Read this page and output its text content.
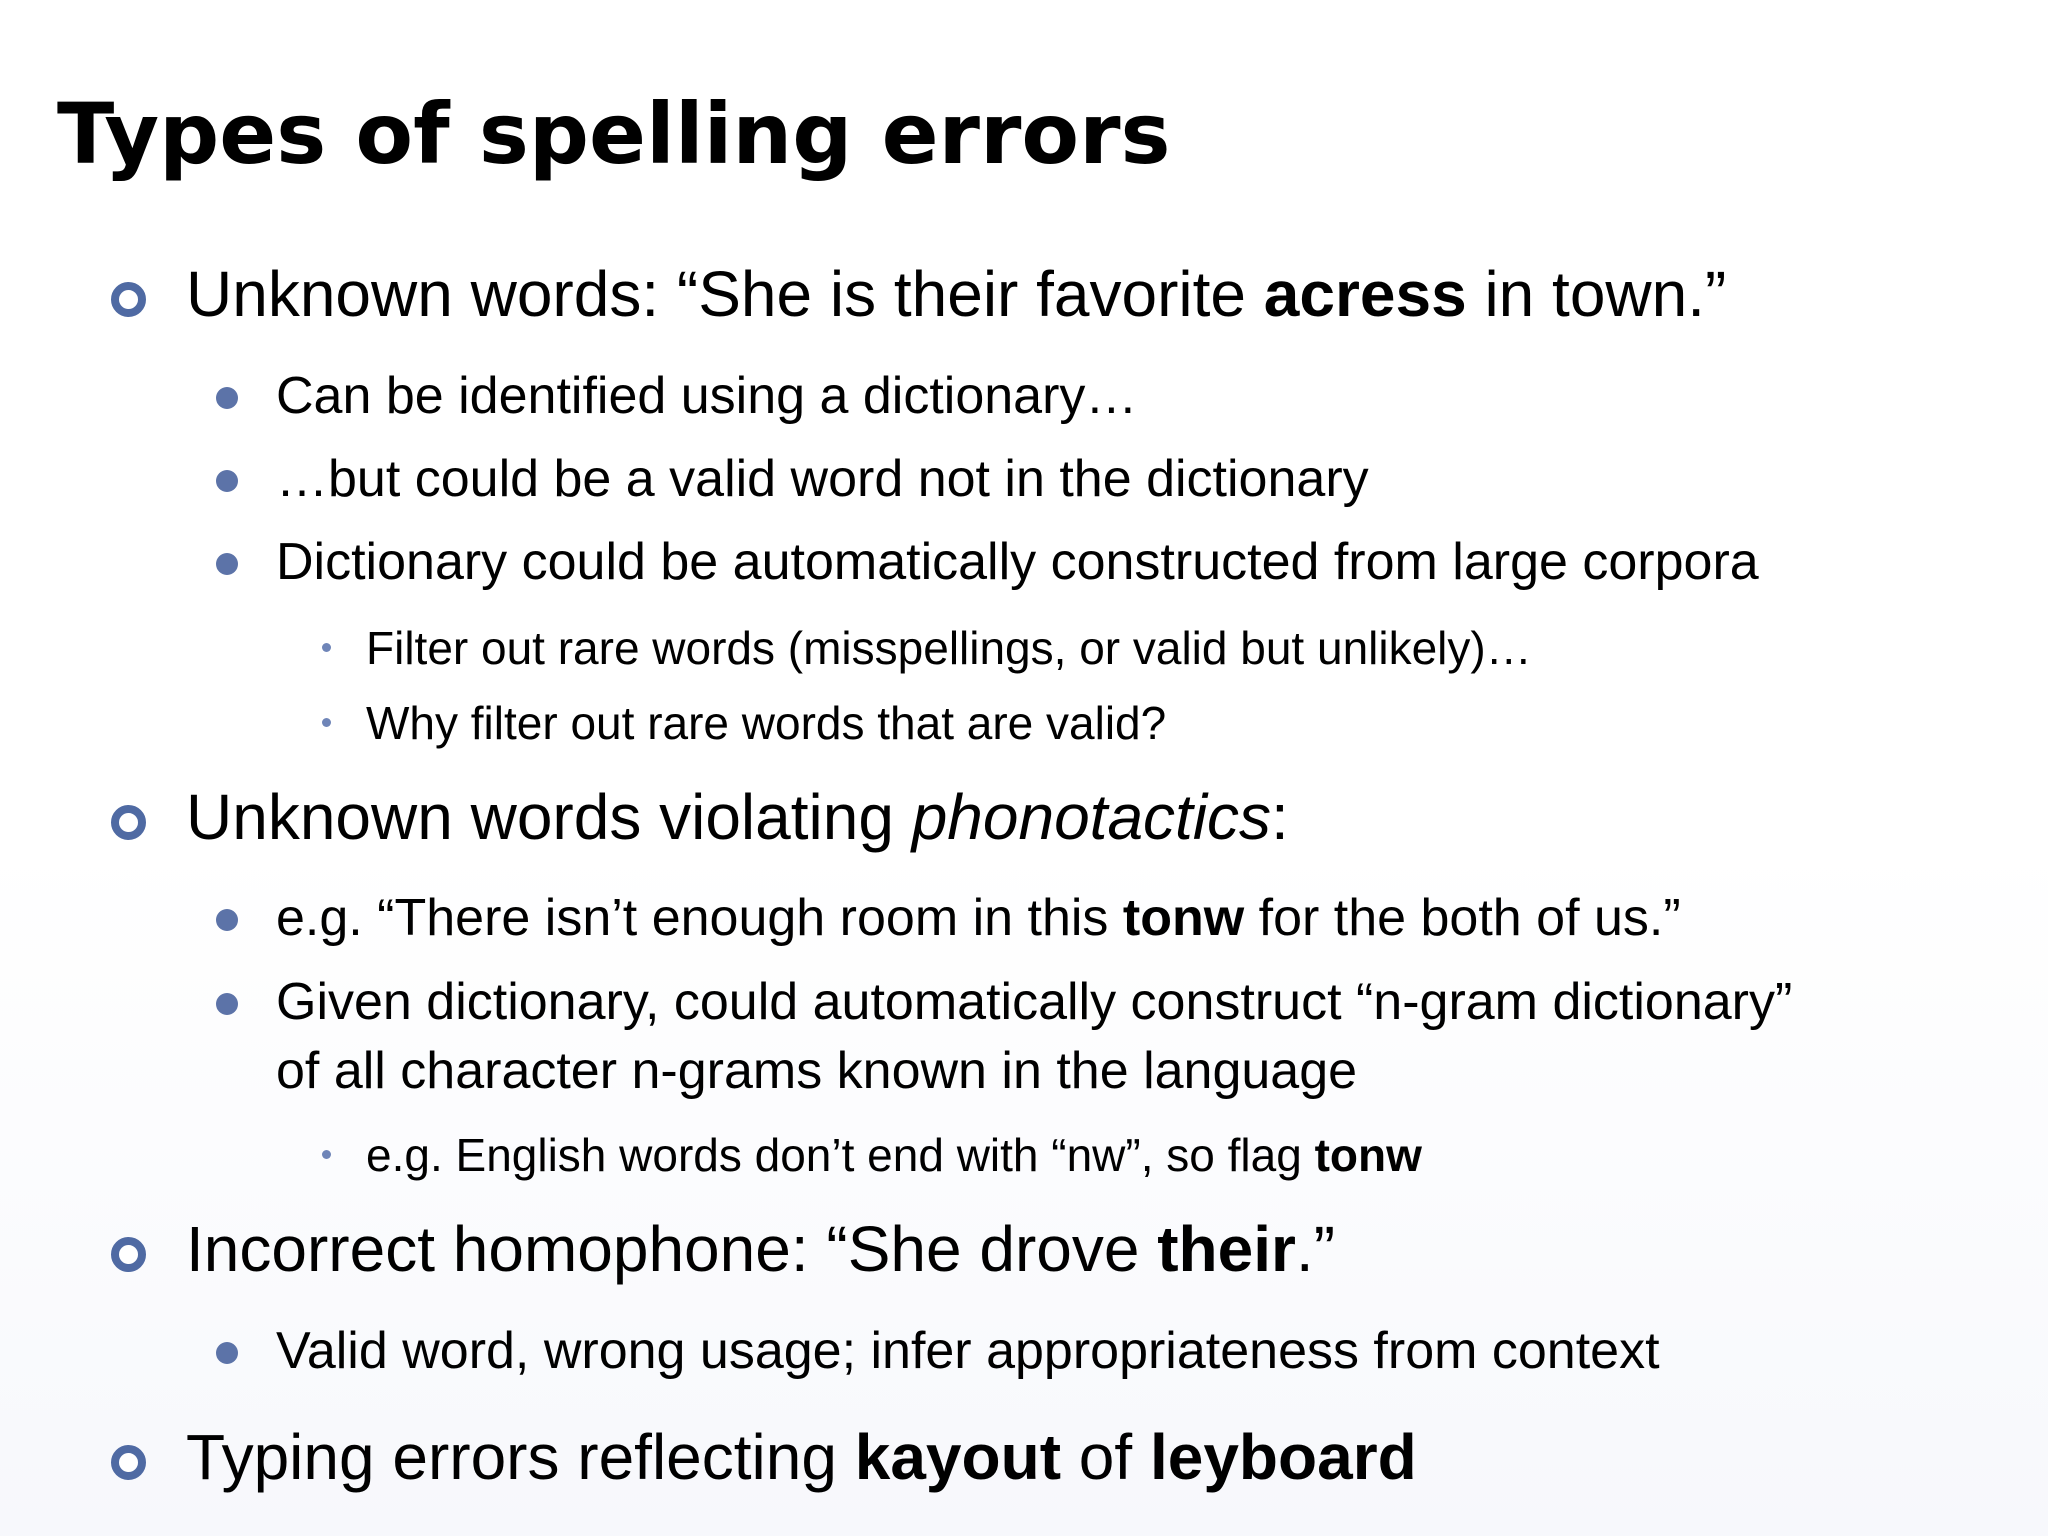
Types of spelling errors
Unknown words: “She is their favorite acress in town.”
Can be identified using a dictionary…
…but could be a valid word not in the dictionary
Dictionary could be automatically constructed from large corpora
Filter out rare words (misspellings, or valid but unlikely)…
Why filter out rare words that are valid?
Unknown words violating phonotactics:
e.g. “There isn’t enough room in this tonw for the both of us.”
Given dictionary, could automatically construct “n-gram dictionary”
of all character n-grams known in the language
e.g. English words don’t end with “nw”, so flag tonw
Incorrect homophone: “She drove their.”
Valid word, wrong usage; infer appropriateness from context
Typing errors reflecting kayout of leyboard
